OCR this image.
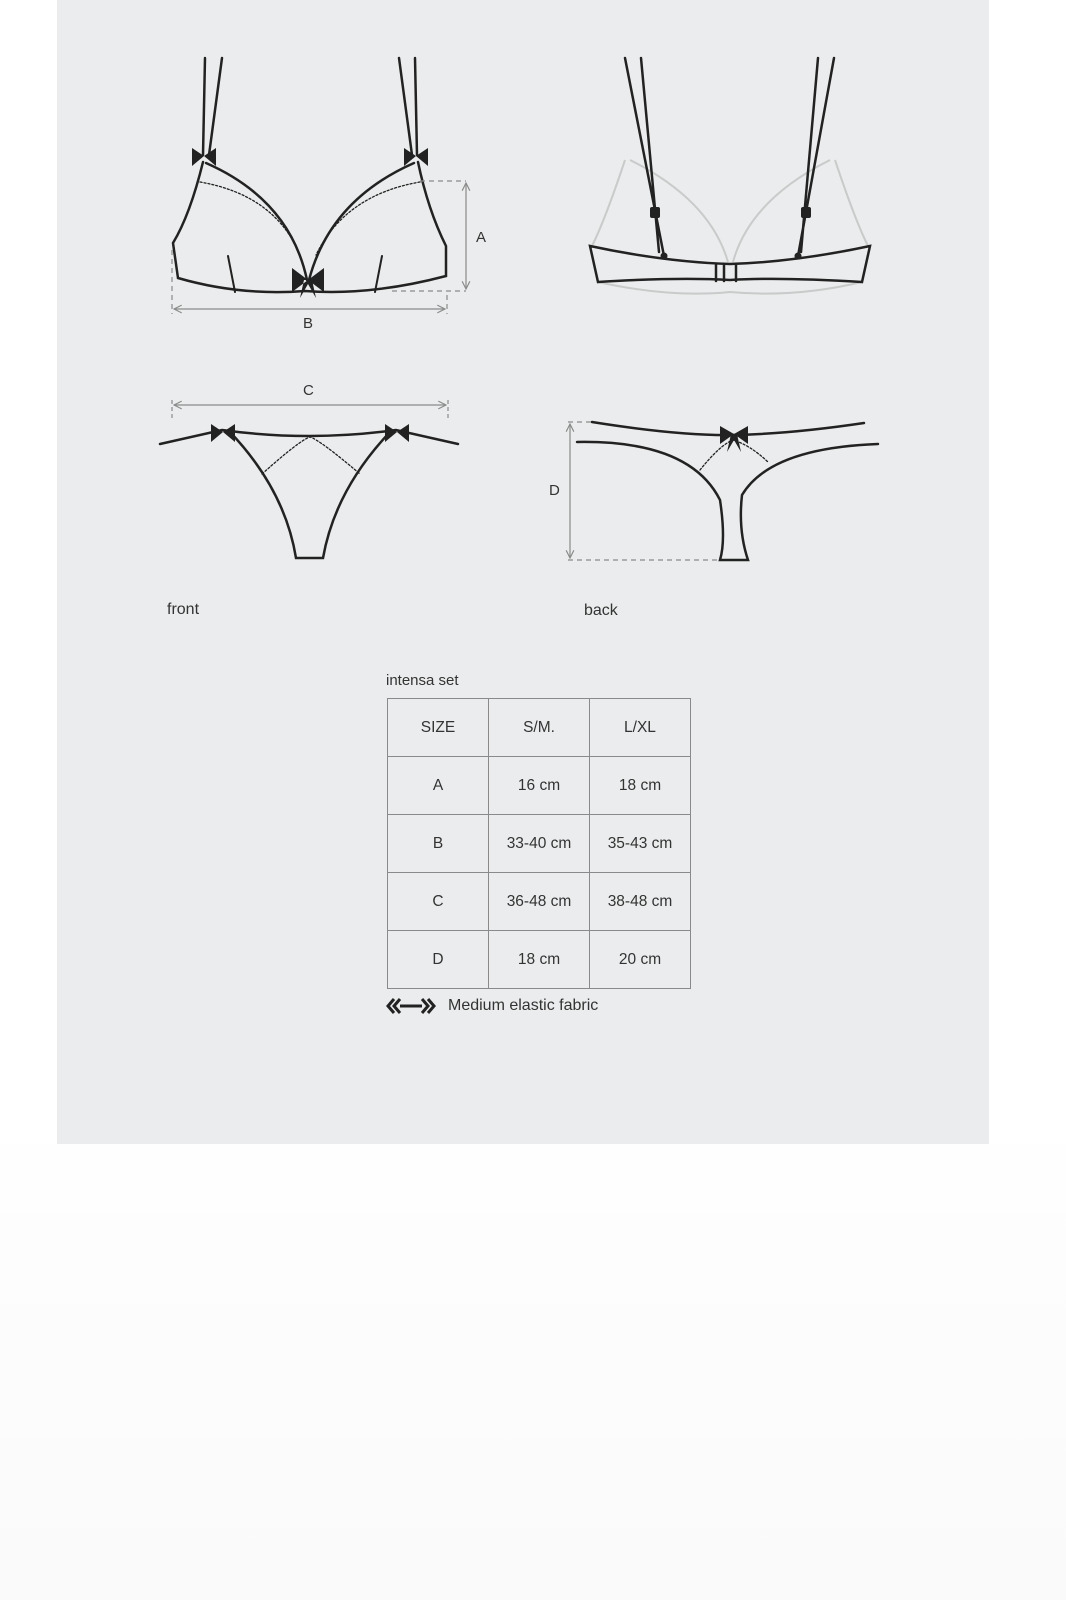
A
B
C
D
front	back
intensa set
SIZE	S/M.	L/XL
A	16 cm	18 cm
B	33-40 cm	35-43 cm
C	36-48 cm	38-48 cm
D	18 cm	20 cm
Medium elastic fabric
